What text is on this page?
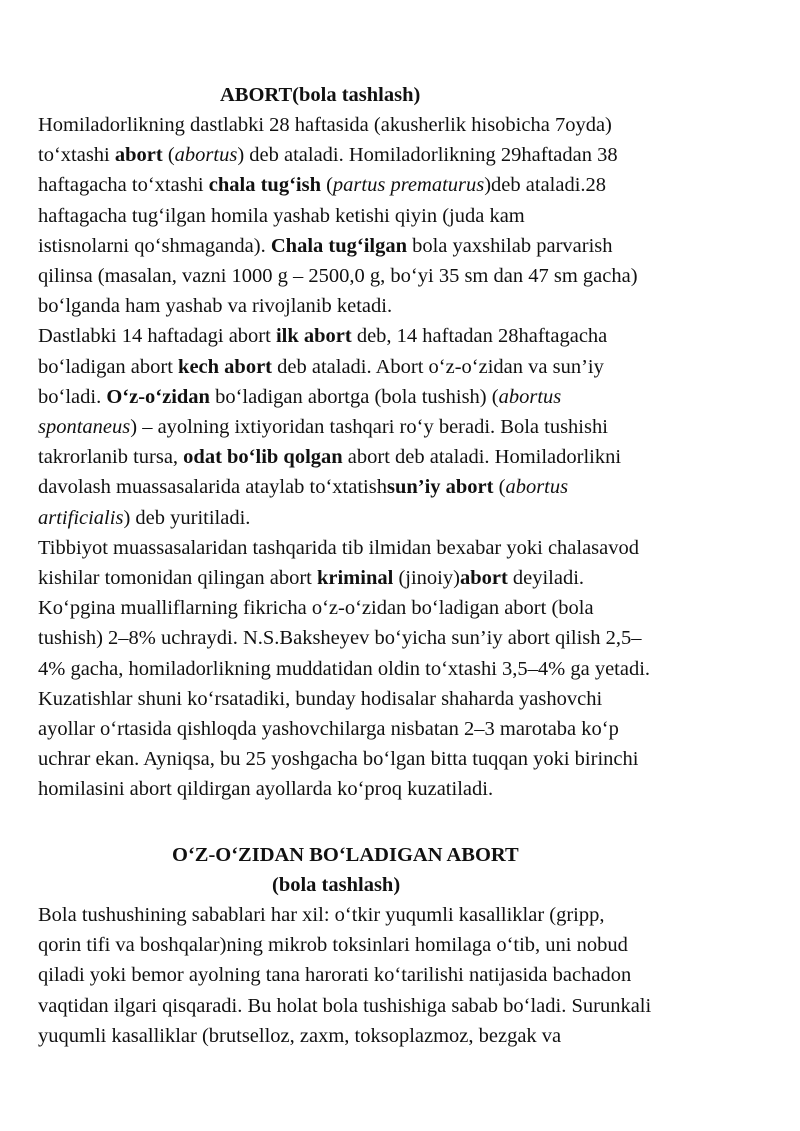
ABORT(bola tashlash)

Homiladorlikning dastlabki 28 haftasida (akusherlik hisobicha 7oyda)
to‘xtashi abort (abortus) deb ataladi. Homiladorlikning 29haftadan 38
haftagacha to‘xtashi chala tug‘ish (partus prematurus)deb ataladi.28
haftagacha tug‘ilgan homila yashab ketishi qiyin (juda kam
istisnolarni qo‘shmaganda). Chala tug‘ilgan bola yaxshilab parvarish
qilinsa (masalan, vazni 1000 g – 2500,0 g, bo‘yi 35 sm dan 47 sm gacha)
bo‘lganda ham yashab va rivojlanib ketadi.

Dastlabki 14 haftadagi abort ilk abort deb, 14 haftadan 28haftagacha
bo‘ladigan abort kech abort deb ataladi. Abort o‘z-o‘zidan va sun’iy
bo‘ladi. O‘z-o‘zidan bo‘ladigan abortga (bola tushish) (abortus
spontaneus) – ayolning ixtiyoridan tashqari ro‘y beradi. Bola tushishi
takrorlanib tursa, odat bo‘lib qolgan abort deb ataladi. Homiladorlikni
davolash muassasalarida ataylab to‘xtatishsun’iy abort (abortus
artificialis) deb yuritiladi.

Tibbiyot muassasalaridan tashqarida tib ilmidan bexabar yoki chalasavod
kishilar tomonidan qilingan abort kriminal (jinoiy)abort deyiladi.
Ko‘pgina mualliflarning fikricha o‘z-o‘zidan bo‘ladigan abort (bola
tushish) 2–8% uchraydi. N.S.Baksheyev bo‘yicha sun’iy abort qilish 2,5–
4% gacha, homiladorlikning muddatidan oldin to‘xtashi 3,5–4% ga yetadi.
Kuzatishlar shuni ko‘rsatadiki, bunday hodisalar shaharda yashovchi
ayollar o‘rtasida qishloqda yashovchilarga nisbatan 2–3 marotaba ko‘p
uchrar ekan. Ayniqsa, bu 25 yoshgacha bo‘lgan bitta tuqqan yoki birinchi
homilasini abort qildirgan ayollarda ko‘proq kuzatiladi.

O‘Z-O‘ZIDAN BO‘LADIGAN ABORT
(bola tashlash)

Bola tushushining sabablari har xil: o‘tkir yuqumli kasalliklar (gripp,
qorin tifi va boshqalar)ning mikrob toksinlari homilaga o‘tib, uni nobud
qiladi yoki bemor ayolning tana harorati ko‘tarilishi natijasida bachadon
vaqtidan ilgari qisqaradi. Bu holat bola tushishiga sabab bo‘ladi. Surunkali
yuqumli kasalliklar (brutselloz, zaxm, toksoplazmoz, bezgak va
